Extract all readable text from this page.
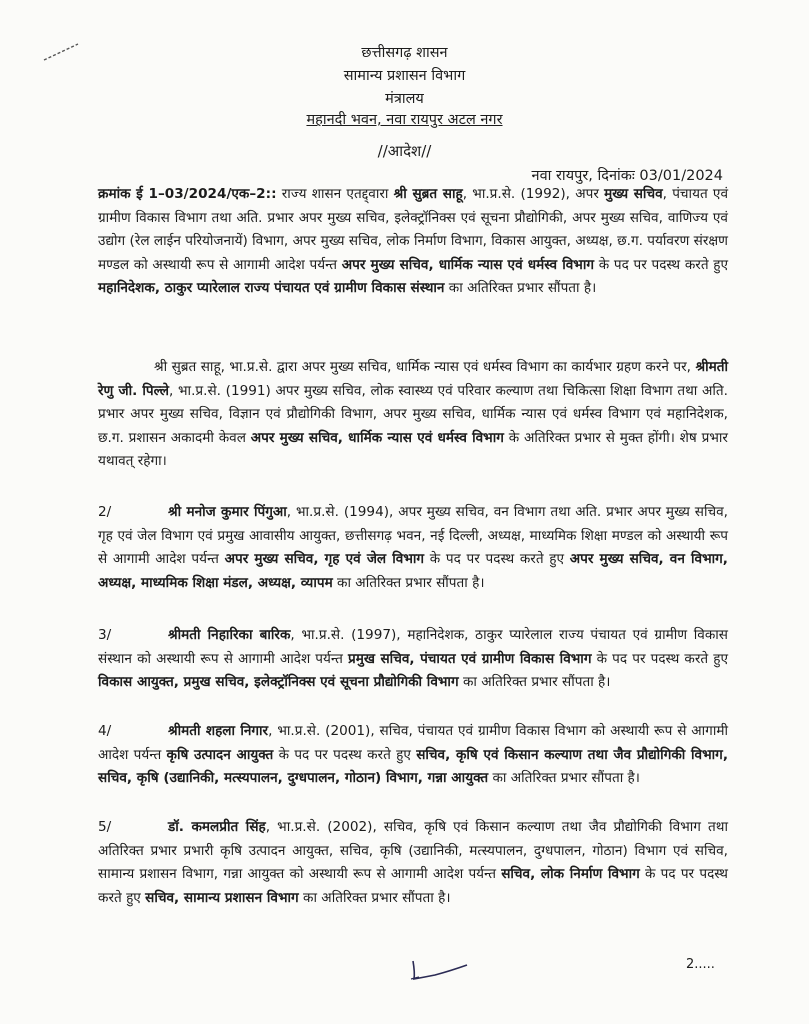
छत्तीसगढ़ शासन
सामान्य प्रशासन विभाग
मंत्रालय
महानदी भवन, नवा रायपुर अटल नगर
//आदेश//
नवा रायपुर, दिनांकः 03/01/2024
क्रमांक ई 1–03/2024/एक–2:: राज्य शासन एतद्द्वारा श्री सुब्रत साहू, भा.प्र.से. (1992), अपर मुख्य सचिव, पंचायत एवं ग्रामीण विकास विभाग तथा अति. प्रभार अपर मुख्य सचिव, इलेक्ट्रॉनिक्स एवं सूचना प्रौद्योगिकी, अपर मुख्य सचिव, वाणिज्य एवं उद्योग (रेल लाईन परियोजनायें) विभाग, अपर मुख्य सचिव, लोक निर्माण विभाग, विकास आयुक्त, अध्यक्ष, छ.ग. पर्यावरण संरक्षण मण्डल को अस्थायी रूप से आगामी आदेश पर्यन्त अपर मुख्य सचिव, धार्मिक न्यास एवं धर्मस्व विभाग के पद पर पदस्थ करते हुए महानिदेशक, ठाकुर प्यारेलाल राज्य पंचायत एवं ग्रामीण विकास संस्थान का अतिरिक्त प्रभार सौंपता है।
श्री सुब्रत साहू, भा.प्र.से. द्वारा अपर मुख्य सचिव, धार्मिक न्यास एवं धर्मस्व विभाग का कार्यभार ग्रहण करने पर, श्रीमती रेणु जी. पिल्ले, भा.प्र.से. (1991) अपर मुख्य सचिव, लोक स्वास्थ्य एवं परिवार कल्याण तथा चिकित्सा शिक्षा विभाग तथा अति. प्रभार अपर मुख्य सचिव, विज्ञान एवं प्रौद्योगिकी विभाग, अपर मुख्य सचिव, धार्मिक न्यास एवं धर्मस्व विभाग एवं महानिदेशक, छ.ग. प्रशासन अकादमी केवल अपर मुख्य सचिव, धार्मिक न्यास एवं धर्मस्व विभाग के अतिरिक्त प्रभार से मुक्त होंगी। शेष प्रभार यथावत् रहेगा।
2/	श्री मनोज कुमार पिंगुआ, भा.प्र.से. (1994), अपर मुख्य सचिव, वन विभाग तथा अति. प्रभार अपर मुख्य सचिव, गृह एवं जेल विभाग एवं प्रमुख आवासीय आयुक्त, छत्तीसगढ़ भवन, नई दिल्ली, अध्यक्ष, माध्यमिक शिक्षा मण्डल को अस्थायी रूप से आगामी आदेश पर्यन्त अपर मुख्य सचिव, गृह एवं जेल विभाग के पद पर पदस्थ करते हुए अपर मुख्य सचिव, वन विभाग, अध्यक्ष, माध्यमिक शिक्षा मंडल, अध्यक्ष, व्यापम का अतिरिक्त प्रभार सौंपता है।
3/	श्रीमती निहारिका बारिक, भा.प्र.से. (1997), महानिदेशक, ठाकुर प्यारेलाल राज्य पंचायत एवं ग्रामीण विकास संस्थान को अस्थायी रूप से आगामी आदेश पर्यन्त प्रमुख सचिव, पंचायत एवं ग्रामीण विकास विभाग के पद पर पदस्थ करते हुए विकास आयुक्त, प्रमुख सचिव, इलेक्ट्रॉनिक्स एवं सूचना प्रौद्योगिकी विभाग का अतिरिक्त प्रभार सौंपता है।
4/	श्रीमती शहला निगार, भा.प्र.से. (2001), सचिव, पंचायत एवं ग्रामीण विकास विभाग को अस्थायी रूप से आगामी आदेश पर्यन्त कृषि उत्पादन आयुक्त के पद पर पदस्थ करते हुए सचिव, कृषि एवं किसान कल्याण तथा जैव प्रौद्योगिकी विभाग, सचिव, कृषि (उद्यानिकी, मत्स्यपालन, दुग्धपालन, गोठान) विभाग, गन्ना आयुक्त का अतिरिक्त प्रभार सौंपता है।
5/	डॉ. कमलप्रीत सिंह, भा.प्र.से. (2002), सचिव, कृषि एवं किसान कल्याण तथा जैव प्रौद्योगिकी विभाग तथा अतिरिक्त प्रभार प्रभारी कृषि उत्पादन आयुक्त, सचिव, कृषि (उद्यानिकी, मत्स्यपालन, दुग्धपालन, गोठान) विभाग एवं सचिव, सामान्य प्रशासन विभाग, गन्ना आयुक्त को अस्थायी रूप से आगामी आदेश पर्यन्त सचिव, लोक निर्माण विभाग के पद पर पदस्थ करते हुए सचिव, सामान्य प्रशासन विभाग का अतिरिक्त प्रभार सौंपता है।
2.....
